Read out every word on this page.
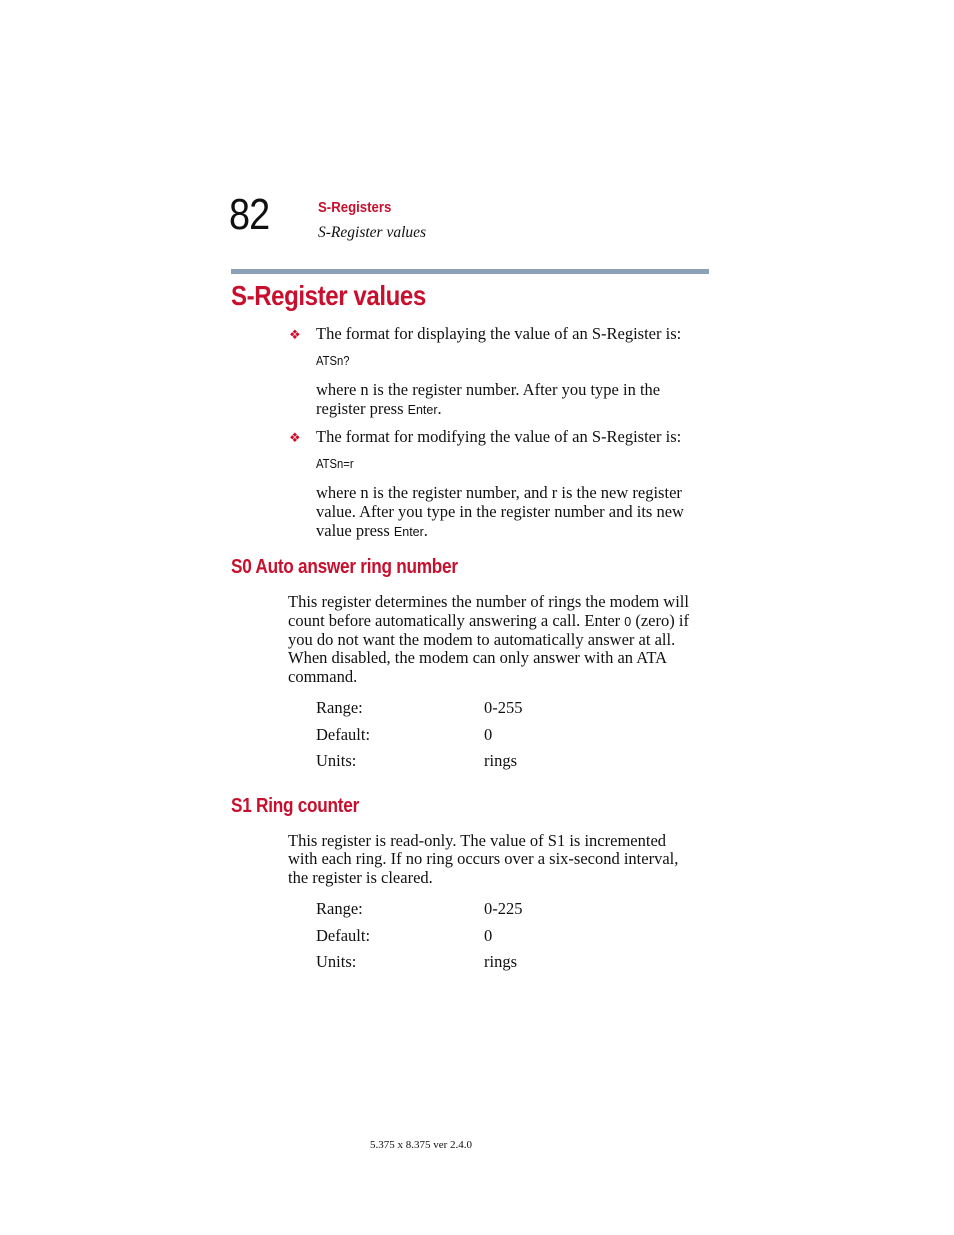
82	S-Registers
S-Register values
S-Register values
❖ The format for displaying the value of an S-Register is:
ATSn?
where n is the register number. After you type in the
register press Enter.
❖ The format for modifying the value of an S-Register is:
ATSn=r
where n is the register number, and r is the new register
value. After you type in the register number and its new
value press Enter.
S0 Auto answer ring number
This register determines the number of rings the modem will
count before automatically answering a call. Enter 0 (zero) if
you do not want the modem to automatically answer at all.
When disabled, the modem can only answer with an ATA
command.
Range:	0-255
Default:	0
Units:	rings
S1 Ring counter
This register is read-only. The value of S1 is incremented
with each ring. If no ring occurs over a six-second interval,
the register is cleared.
Range:	0-225
Default:	0
Units:	rings
5.375 x 8.375 ver 2.4.0
